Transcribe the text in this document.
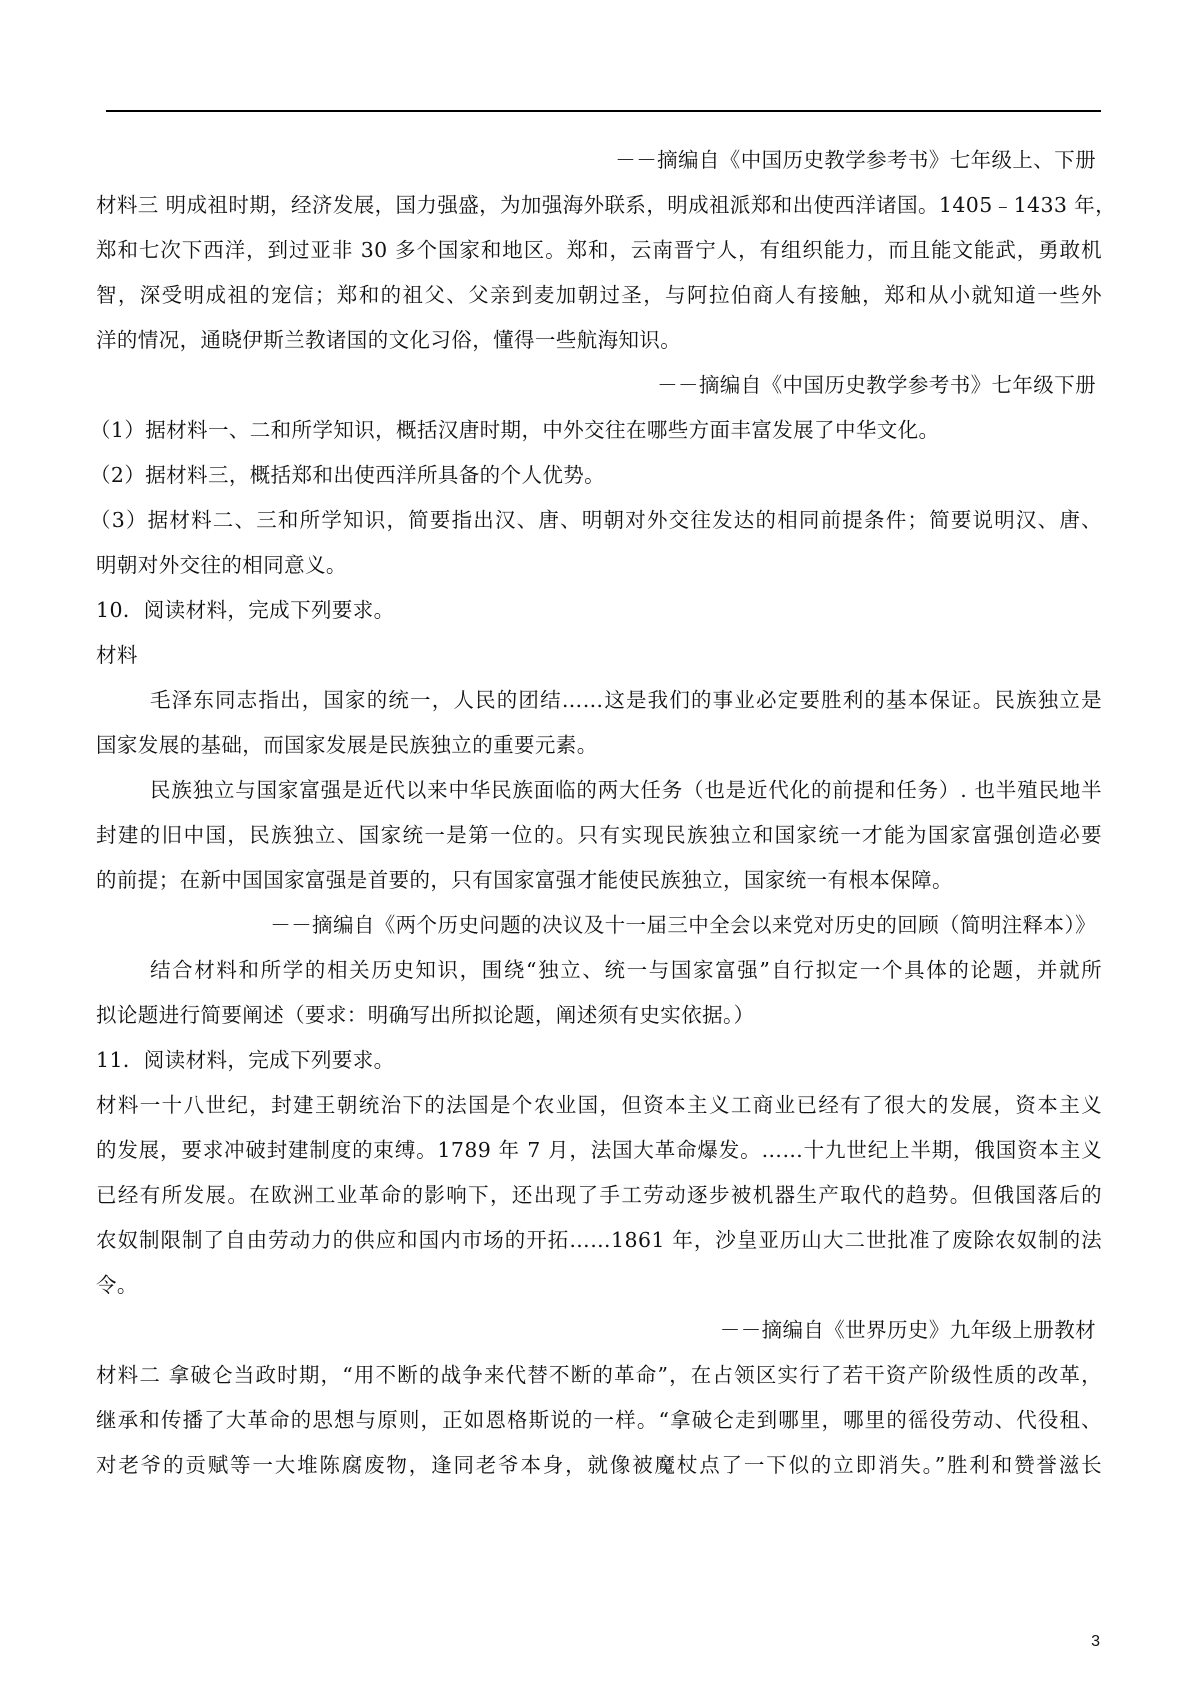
－－摘编自《中国历史教学参考书》七年级上、下册
材料三 明成祖时期，经济发展，国力强盛，为加强海外联系，明成祖派郑和出使西洋诸国。1405﹣1433 年，
郑和七次下西洋，到过亚非 30 多个国家和地区。郑和，云南晋宁人，有组织能力，而且能文能武，勇敢机
智，深受明成祖的宠信；郑和的祖父、父亲到麦加朝过圣，与阿拉伯商人有接触，郑和从小就知道一些外
洋的情况，通晓伊斯兰教诸国的文化习俗，懂得一些航海知识。
－－摘编自《中国历史教学参考书》七年级下册
（1）据材料一、二和所学知识，概括汉唐时期，中外交往在哪些方面丰富发展了中华文化。
（2）据材料三，概括郑和出使西洋所具备的个人优势。
（3）据材料二、三和所学知识，简要指出汉、唐、明朝对外交往发达的相同前提条件；简要说明汉、唐、
明朝对外交往的相同意义。
10．阅读材料，完成下列要求。
材料
毛泽东同志指出，国家的统一，人民的团结……这是我们的事业必定要胜利的基本保证。民族独立是
国家发展的基础，而国家发展是民族独立的重要元素。
民族独立与国家富强是近代以来中华民族面临的两大任务（也是近代化的前提和任务）. 也半殖民地半
封建的旧中国，民族独立、国家统一是第一位的。只有实现民族独立和国家统一才能为国家富强创造必要
的前提；在新中国国家富强是首要的，只有国家富强才能使民族独立，国家统一有根本保障。
－－摘编自《两个历史问题的决议及十一届三中全会以来党对历史的回顾（简明注释本）》
结合材料和所学的相关历史知识，围绕“独立、统一与国家富强”自行拟定一个具体的论题，并就所
拟论题进行简要阐述（要求：明确写出所拟论题，阐述须有史实依据。）
11．阅读材料，完成下列要求。
材料一十八世纪，封建王朝统治下的法国是个农业国，但资本主义工商业已经有了很大的发展，资本主义
的发展，要求冲破封建制度的束缚。1789 年 7 月，法国大革命爆发。……十九世纪上半期，俄国资本主义
已经有所发展。在欧洲工业革命的影响下，还出现了手工劳动逐步被机器生产取代的趋势。但俄国落后的
农奴制限制了自由劳动力的供应和国内市场的开拓……1861 年，沙皇亚历山大二世批准了废除农奴制的法
令。
－－摘编自《世界历史》九年级上册教材
材料二 拿破仑当政时期，“用不断的战争来代替不断的革命”，在占领区实行了若干资产阶级性质的改革，
继承和传播了大革命的思想与原则，正如恩格斯说的一样。“拿破仑走到哪里，哪里的徭役劳动、代役租、
对老爷的贡赋等一大堆陈腐废物，逢同老爷本身，就像被魔杖点了一下似的立即消失。”胜利和赞誉滋长
3
